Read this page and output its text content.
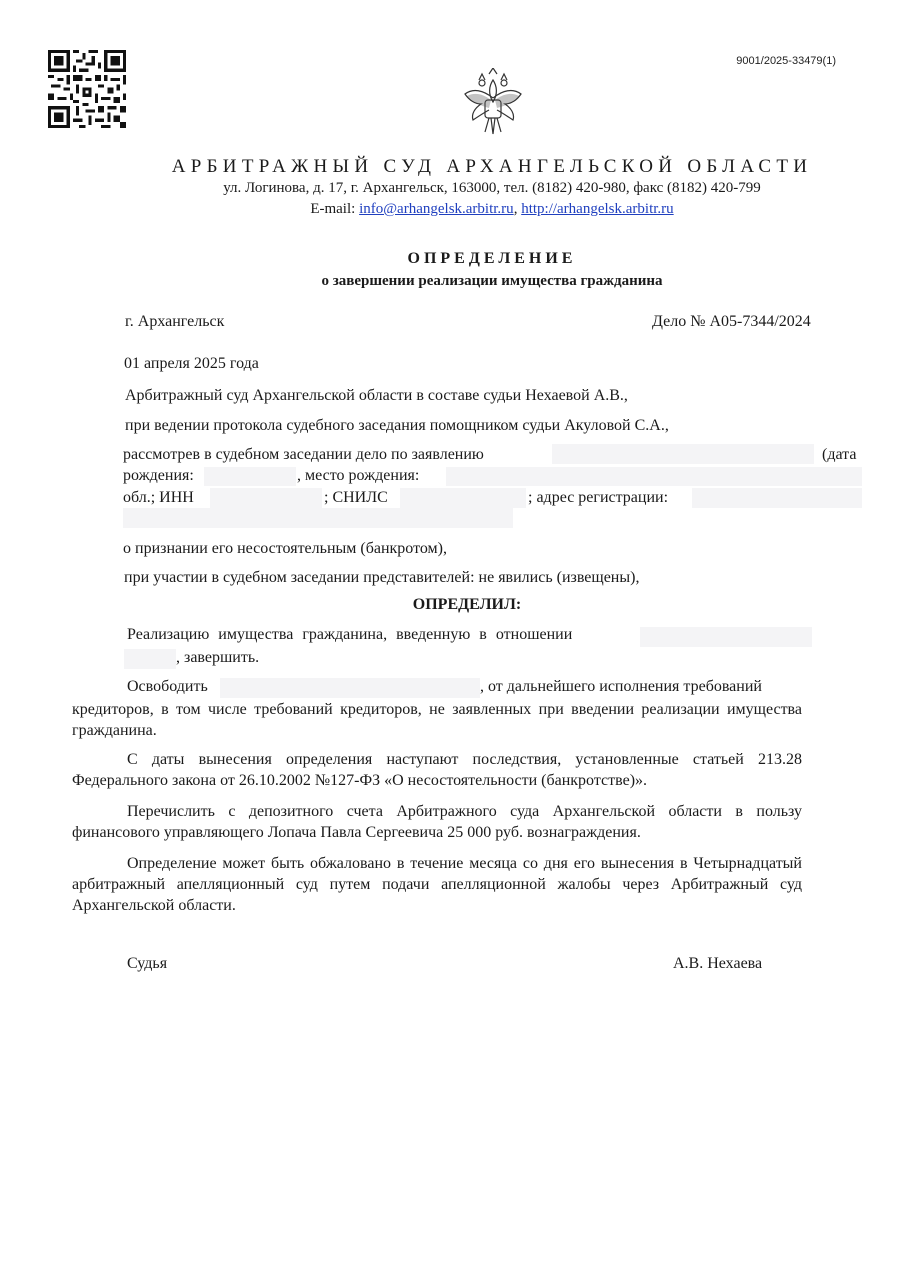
9001/2025-33479(1)
АРБИТРАЖНЫЙ СУД АРХАНГЕЛЬСКОЙ ОБЛАСТИ
ул. Логинова, д. 17, г. Архангельск, 163000, тел. (8182) 420-980, факс (8182) 420-799
E-mail: info@arhangelsk.arbitr.ru, http://arhangelsk.arbitr.ru
ОПРЕДЕЛЕНИЕ
о завершении реализации имущества гражданина
г. Архангельск	Дело № А05-7344/2024
01 апреля 2025 года
Арбитражный суд Архангельской области в составе судьи Нехаевой А.В.,
при ведении протокола судебного заседания помощником судьи Акуловой С.А.,
рассмотрев в судебном заседании дело по заявлению	(дата
рождения:	, место рождения:
обл.; ИНН	; СНИЛС	; адрес регистрации:
о признании его несостоятельным (банкротом),
при участии в судебном заседании представителей: не явились (извещены),
ОПРЕДЕЛИЛ:
Реализацию имущества гражданина, введенную в отношении
, завершить.
Освободить	, от дальнейшего исполнения требований
кредиторов, в том числе требований кредиторов, не заявленных при введении реализации имущества гражданина.
С даты вынесения определения наступают последствия, установленные статьей 213.28 Федерального закона от 26.10.2002 №127-ФЗ «О несостоятельности (банкротстве)».
Перечислить с депозитного счета Арбитражного суда Архангельской области в пользу финансового управляющего Лопача Павла Сергеевича 25 000 руб. вознаграждения.
Определение может быть обжаловано в течение месяца со дня его вынесения в Четырнадцатый арбитражный апелляционный суд путем подачи апелляционной жалобы через Арбитражный суд Архангельской области.
Судья	А.В. Нехаева
